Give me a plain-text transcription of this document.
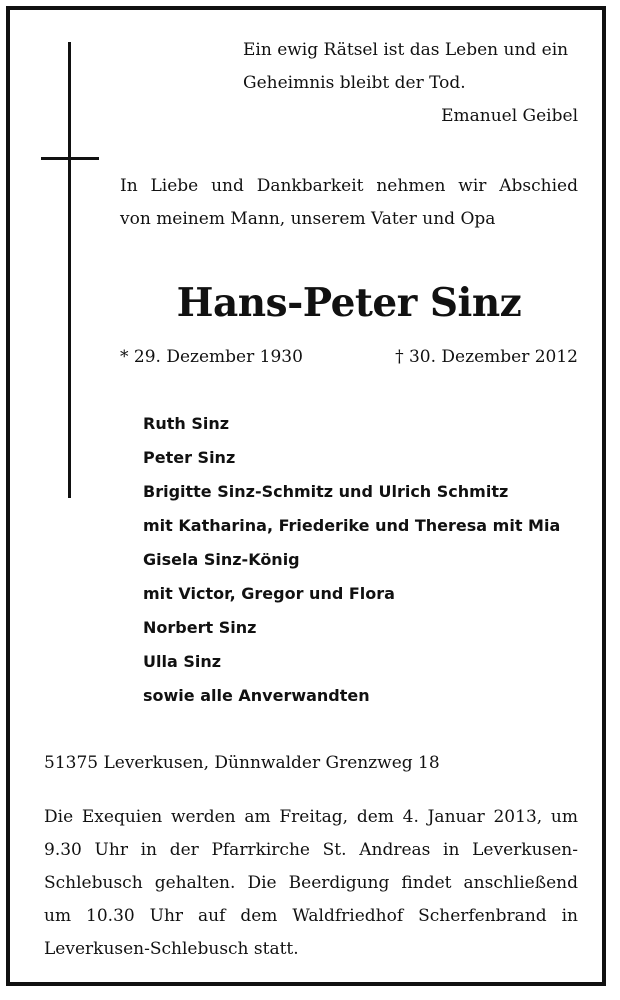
Ein ewig Rätsel ist das Leben und ein
Geheimnis bleibt der Tod.
Emanuel Geibel
In Liebe und Dankbarkeit nehmen wir Abschied
von meinem Mann, unserem Vater und Opa
Hans-Peter Sinz
* 29. Dezember 1930	† 30. Dezember 2012
Ruth Sinz
Peter Sinz
Brigitte Sinz-Schmitz und Ulrich Schmitz
mit Katharina, Friederike und Theresa mit Mia
Gisela Sinz-König
mit Victor, Gregor und Flora
Norbert Sinz
Ulla Sinz
sowie alle Anverwandten
51375 Leverkusen, Dünnwalder Grenzweg 18
Die Exequien werden am Freitag, dem 4. Januar 2013, um
9.30 Uhr in der Pfarrkirche St. Andreas in Leverkusen-
Schlebusch gehalten. Die Beerdigung findet anschließend
um 10.30 Uhr auf dem Waldfriedhof Scherfenbrand in
Leverkusen-Schlebusch statt.
